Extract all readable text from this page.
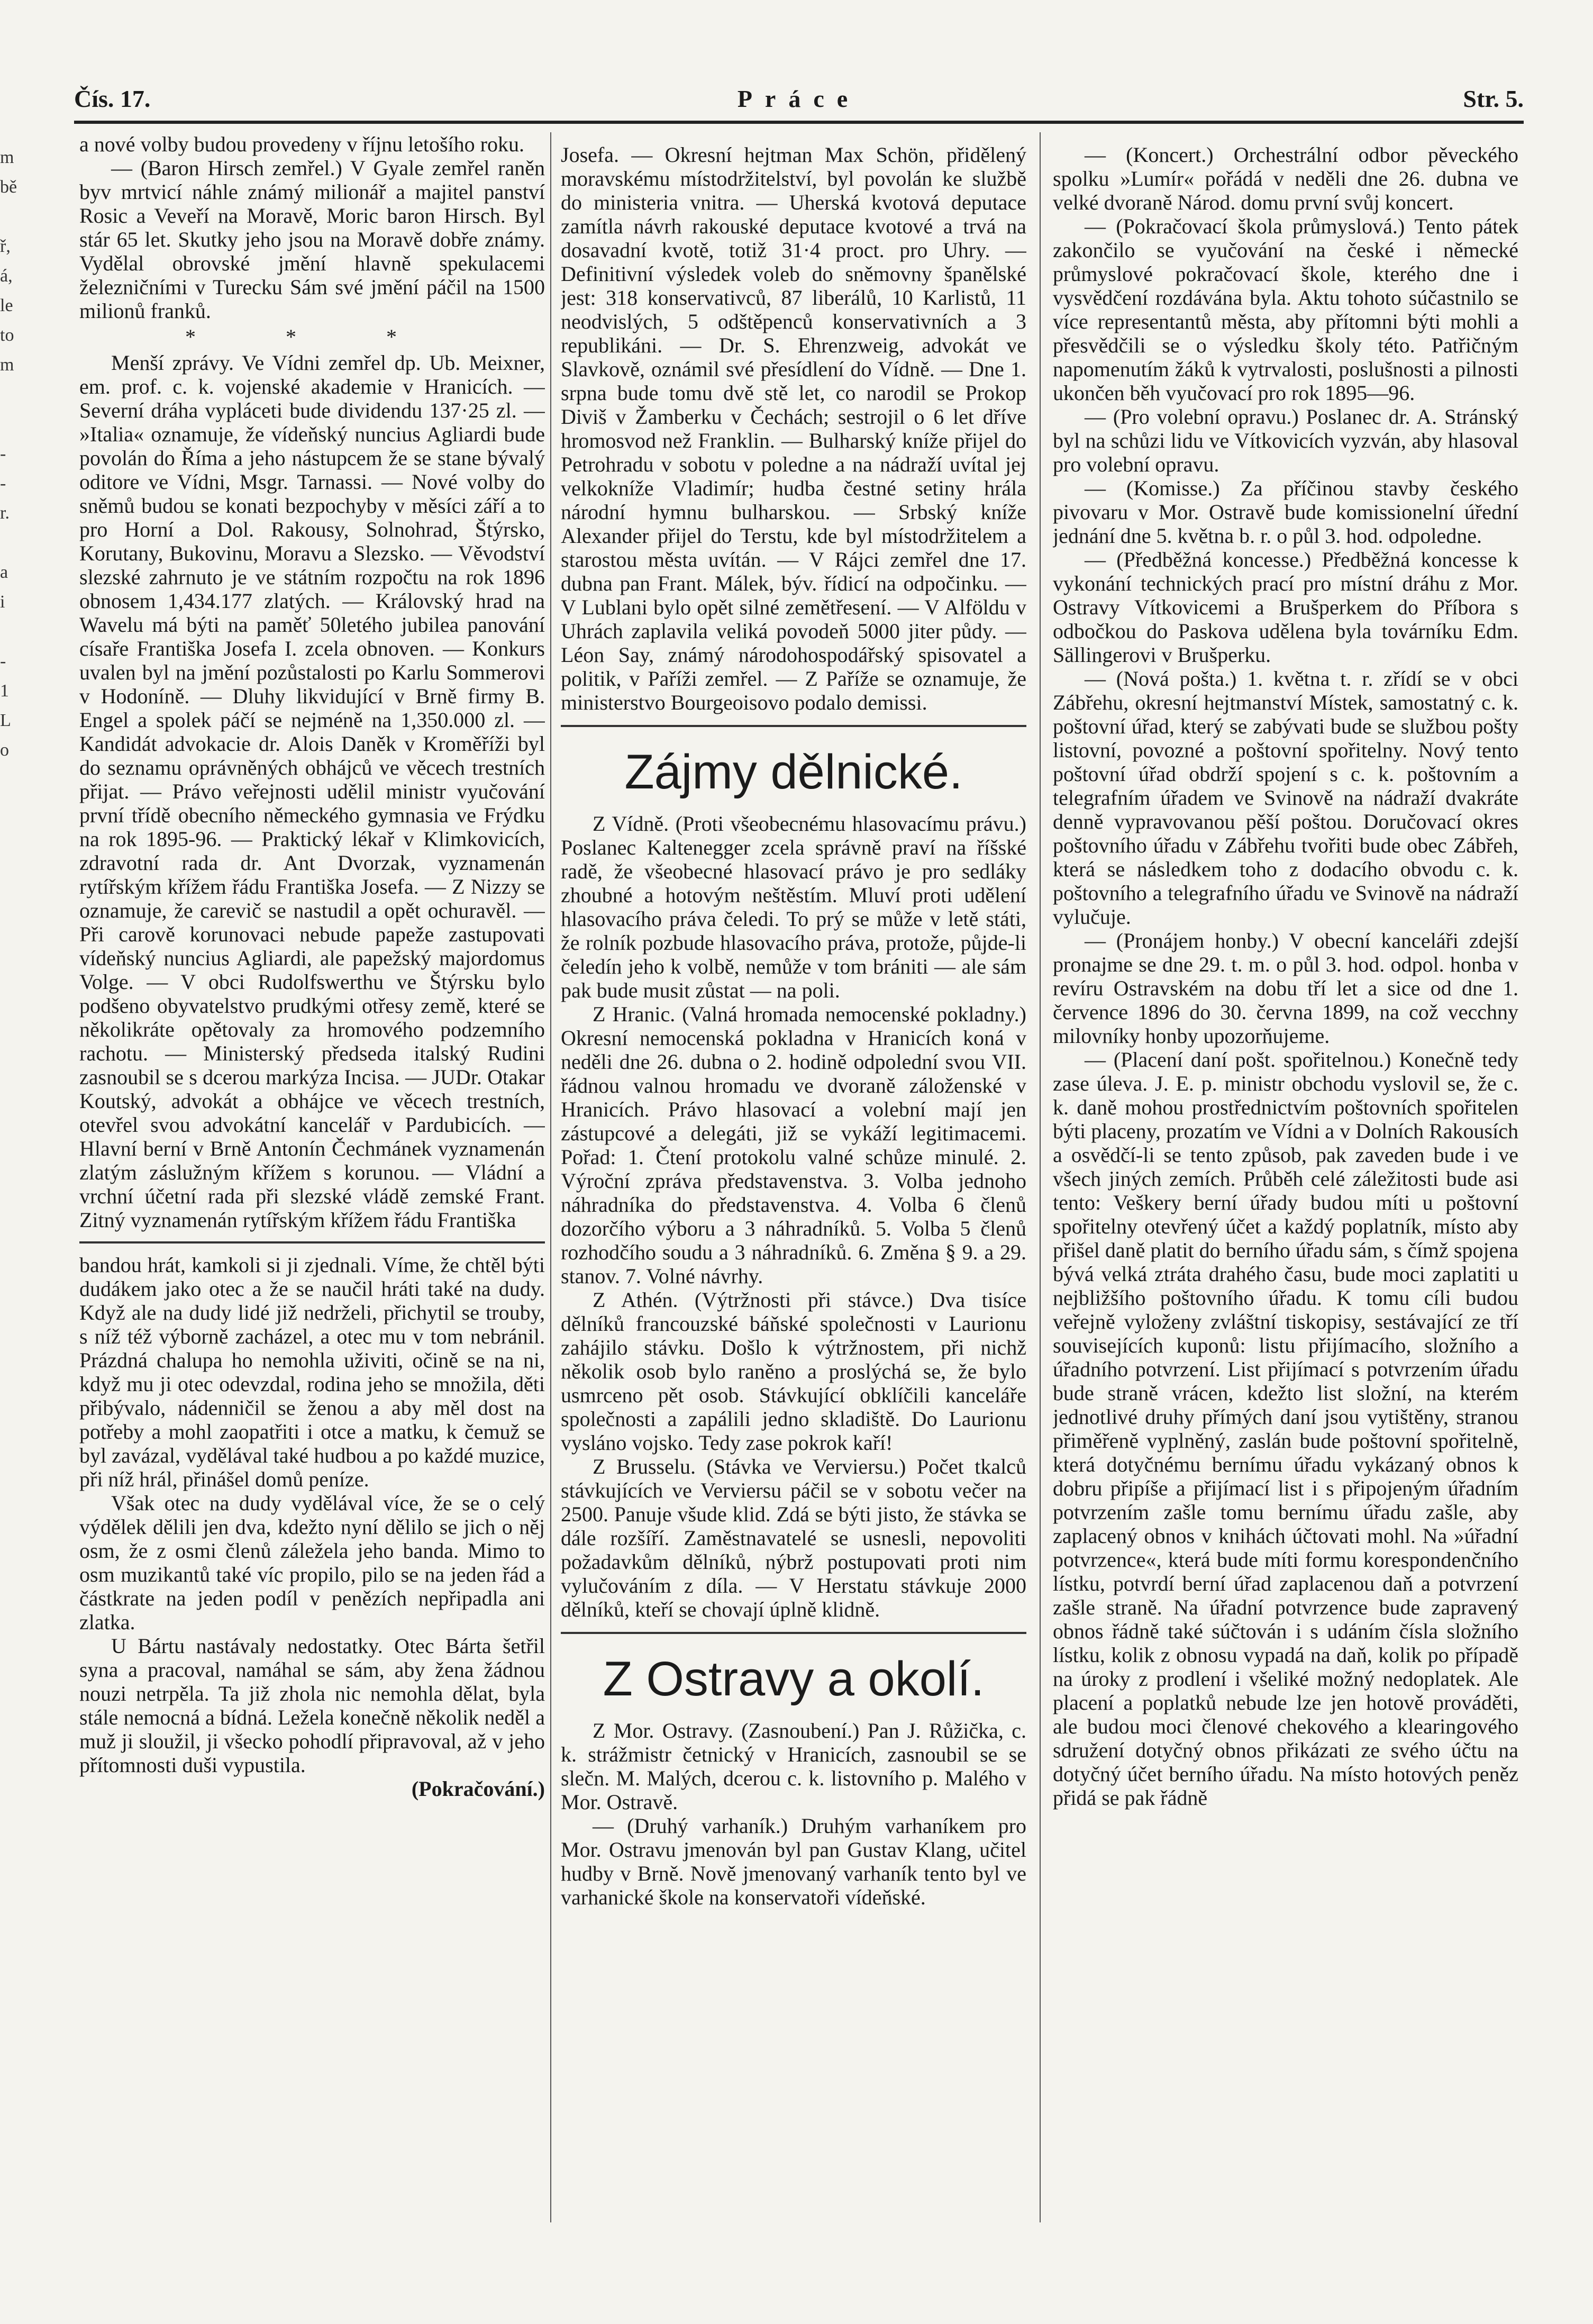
m
bě

ř,
á,
le
to
m

-
-
r.

a
i

-
1
L
o
Čís. 17.	Práce	Str. 5.

a nové volby budou provedeny v říjnu letošího roku.

— (Baron Hirsch zemřel.) V Gyale zemřel raněn byv mrtvicí náhle známý milionář a majitel panství Rosic a Veveří na Moravě, Moric baron Hirsch. Byl stár 65 let. Skutky jeho jsou na Moravě dobře známy. Vydělal obrovské jmění hlavně spekulacemi železničními v Turecku Sám své jmění páčil na 1500 milionů franků.

* * *

Menší zprávy. Ve Vídni zemřel dp. Ub. Meixner, em. prof. c. k. vojenské akademie v Hranicích. — Severní dráha vypláceti bude dividendu 137·25 zl. — »Italia« oznamuje, že vídeňský nuncius Agliardi bude povolán do Říma a jeho nástupcem že se stane bývalý oditore ve Vídni, Msgr. Tarnassi. — Nové volby do sněmů budou se konati bezpochyby v měsíci září a to pro Horní a Dol. Rakousy, Solnohrad, Štýrsko, Korutany, Bukovinu, Moravu a Slezsko. — Věvodství slezské zahrnuto je ve státním rozpočtu na rok 1896 obnosem 1,434.177 zlatých. — Královský hrad na Wavelu má býti na paměť 50letého jubilea panování císaře Františka Josefa I. zcela obnoven. — Konkurs uvalen byl na jmění pozůstalosti po Karlu Sommerovi v Hodoníně. — Dluhy likvidující v Brně firmy B. Engel a spolek páčí se nejméně na 1,350.000 zl. — Kandidát advokacie dr. Alois Daněk v Kroměříži byl do seznamu oprávněných obhájců ve věcech trestních přijat. — Právo veřejnosti udělil ministr vyučování první třídě obecního německého gymnasia ve Frýdku na rok 1895-96. — Praktický lékař v Klimkovicích, zdravotní rada dr. Ant Dvorzak, vyznamenán rytířským křížem řádu Františka Josefa. — Z Nizzy se oznamuje, že carevič se nastudil a opět ochuravěl. — Při carově korunovaci nebude papeže zastupovati vídeňský nuncius Agliardi, ale papežský majordomus Volge. — V obci Rudolfswerthu ve Štýrsku bylo podšeno obyvatelstvo prudkými otřesy země, které se několikráte opětovaly za hromového podzemního rachotu. — Ministerský předseda italský Rudini zasnoubil se s dcerou markýza Incisa. — JUDr. Otakar Koutský, advokát a obhájce ve věcech trestních, otevřel svou advokátní kancelář v Pardubicích. — Hlavní berní v Brně Antonín Čechmánek vyznamenán zlatým záslužným křížem s korunou. — Vládní a vrchní účetní rada při slezské vládě zemské Frant. Zitný vyznamenán rytířským křížem řádu Františka

bandou hrát, kamkoli si ji zjednali. Víme, že chtěl býti dudákem jako otec a že se naučil hráti také na dudy. Když ale na dudy lidé již nedrželi, přichytil se trouby, s níž též výborně zacházel, a otec mu v tom nebránil. Prázdná chalupa ho nemohla uživiti, očině se na ni, když mu ji otec odevzdal, rodina jeho se množila, děti přibývalo, nádenničil se ženou a aby měl dost na potřeby a mohl zaopatřiti i otce a matku, k čemuž se byl zavázal, vydělával také hudbou a po každé muzice, při níž hrál, přinášel domů peníze.

Však otec na dudy vydělával více, že se o celý výdělek dělili jen dva, kdežto nyní dělilo se jich o něj osm, že z osmi členů záležela jeho banda. Mimo to osm muzikantů také víc propilo, pilo se na jeden řád a částkrate na jeden podíl v penězích nepřipadla ani zlatka.

U Bártu nastávaly nedostatky. Otec Bárta šetřil syna a pracoval, namáhal se sám, aby žena žádnou nouzi netrpěla. Ta již zhola nic nemohla dělat, byla stále nemocná a bídná. Ležela konečně několik neděl a muž ji sloužil, ji všecko pohodlí připravoval, až v jeho přítomnosti duši vypustila.

(Pokračování.)

Josefa. — Okresní hejtman Max Schön, přidělený moravskému místodržitelství, byl povolán ke službě do ministeria vnitra. — Uherská kvotová deputace zamítla návrh rakouské deputace kvotové a trvá na dosavadní kvotě, totiž 31·4 proct. pro Uhry. — Definitivní výsledek voleb do sněmovny španělské jest: 318 konservativců, 87 liberálů, 10 Karlistů, 11 neodvislých, 5 odštěpenců konservativních a 3 republikáni. — Dr. S. Ehrenzweig, advokát ve Slavkově, oznámil své přesídlení do Vídně. — Dne 1. srpna bude tomu dvě stě let, co narodil se Prokop Diviš v Žamberku v Čechách; sestrojil o 6 let dříve hromosvod než Franklin. — Bulharský kníže přijel do Petrohradu v sobotu v poledne a na nádraží uvítal jej velkokníže Vladimír; hudba čestné setiny hrála národní hymnu bulharskou. — Srbský kníže Alexander přijel do Terstu, kde byl místodržitelem a starostou města uvítán. — V Rájci zemřel dne 17. dubna pan Frant. Málek, býv. řídicí na odpočinku. — V Lublani bylo opět silné zemětřesení. — V Alföldu v Uhrách zaplavila veliká povodeň 5000 jiter půdy. — Léon Say, známý národohospodářský spisovatel a politik, v Paříži zemřel. — Z Paříže se oznamuje, že ministerstvo Bourgeoisovo podalo demissi.

Zájmy dělnické.

Z Vídně. (Proti všeobecnému hlasovacímu právu.) Poslanec Kaltenegger zcela správně praví na říšské radě, že všeobecné hlasovací právo je pro sedláky zhoubné a hotovým neštěstím. Mluví proti udělení hlasovacího práva čeledi. To prý se může v letě státi, že rolník pozbude hlasovacího práva, protože, půjde-li čeledín jeho k volbě, nemůže v tom brániti — ale sám pak bude musit zůstat — na poli.

Z Hranic. (Valná hromada nemocenské pokladny.) Okresní nemocenská pokladna v Hranicích koná v neděli dne 26. dubna o 2. hodině odpolední svou VII. řádnou valnou hromadu ve dvoraně záloženské v Hranicích. Právo hlasovací a volební mají jen zástupcové a delegáti, již se vykáží legitimacemi. Pořad: 1. Čtení protokolu valné schůze minulé. 2. Výroční zpráva představenstva. 3. Volba jednoho náhradníka do představenstva. 4. Volba 6 členů dozorčího výboru a 3 náhradníků. 5. Volba 5 členů rozhodčího soudu a 3 náhradníků. 6. Změna § 9. a 29. stanov. 7. Volné návrhy.

Z Athén. (Výtržnosti při stávce.) Dva tisíce dělníků francouzské báňské společnosti v Laurionu zahájilo stávku. Došlo k výtržnostem, při nichž několik osob bylo raněno a proslýchá se, že bylo usmrceno pět osob. Stávkující obklíčili kanceláře společnosti a zapálili jedno skladiště. Do Laurionu vysláno vojsko. Tedy zase pokrok kaří!

Z Brusselu. (Stávka ve Verviersu.) Počet tkalců stávkujících ve Verviersu páčil se v sobotu večer na 2500. Panuje všude klid. Zdá se býti jisto, že stávka se dále rozšíří. Zaměstnavatelé se usnesli, nepovoliti požadavkům dělníků, nýbrž postupovati proti nim vylučováním z díla. — V Herstatu stávkuje 2000 dělníků, kteří se chovají úplně klidně.

Z Ostravy a okolí.

Z Mor. Ostravy. (Zasnoubení.) Pan J. Růžička, c. k. strážmistr četnický v Hranicích, zasnoubil se se slečn. M. Malých, dcerou c. k. listovního p. Malého v Mor. Ostravě.

— (Druhý varhaník.) Druhým varhaníkem pro Mor. Ostravu jmenován byl pan Gustav Klang, učitel hudby v Brně. Nově jmenovaný varhaník tento byl ve varhanické škole na konservatoři vídeňské.

— (Koncert.) Orchestrální odbor pěveckého spolku »Lumír« pořádá v neděli dne 26. dubna ve velké dvoraně Národ. domu první svůj koncert.

— (Pokračovací škola průmyslová.) Tento pátek zakončilo se vyučování na české i německé průmyslové pokračovací škole, kterého dne i vysvědčení rozdávána byla. Aktu tohoto súčastnilo se více representantů města, aby přítomni býti mohli a přesvědčili se o výsledku školy této. Patřičným napomenutím žáků k vytrvalosti, poslušnosti a pilnosti ukončen běh vyučovací pro rok 1895—96.

— (Pro volební opravu.) Poslanec dr. A. Stránský byl na schůzi lidu ve Vítkovicích vyzván, aby hlasoval pro volební opravu.

— (Komisse.) Za příčinou stavby českého pivovaru v Mor. Ostravě bude komissionelní úřední jednání dne 5. května b. r. o půl 3. hod. odpoledne.

— (Předběžná koncesse.) Předběžná koncesse k vykonání technických prací pro místní dráhu z Mor. Ostravy Vítkovicemi a Brušperkem do Příbora s odbočkou do Paskova udělena byla továrníku Edm. Sällingerovi v Brušperku.

— (Nová pošta.) 1. května t. r. zřídí se v obci Zábřehu, okresní hejtmanství Místek, samostatný c. k. poštovní úřad, který se zabývati bude se službou pošty listovní, povozné a poštovní spořitelny. Nový tento poštovní úřad obdrží spojení s c. k. poštovním a telegrafním úřadem ve Svinově na nádraží dvakráte denně vypravovanou pěší poštou. Doručovací okres poštovního úřadu v Zábřehu tvořiti bude obec Zábřeh, která se následkem toho z dodacího obvodu c. k. poštovního a telegrafního úřadu ve Svinově na nádraží vylučuje.

— (Pronájem honby.) V obecní kanceláři zdejší pronajme se dne 29. t. m. o půl 3. hod. odpol. honba v revíru Ostravském na dobu tří let a sice od dne 1. července 1896 do 30. června 1899, na což vecchny milovníky honby upozorňujeme.

— (Placení daní pošt. spořitelnou.) Konečně tedy zase úleva. J. E. p. ministr obchodu vyslovil se, že c. k. daně mohou prostřednictvím poštovních spořitelen býti placeny, prozatím ve Vídni a v Dolních Rakousích a osvědčí-li se tento způsob, pak zaveden bude i ve všech jiných zemích. Průběh celé záležitosti bude asi tento: Veškery berní úřady budou míti u poštovní spořitelny otevřený účet a každý poplatník, místo aby přišel daně platit do berního úřadu sám, s čímž spojena bývá velká ztráta drahého času, bude moci zaplatiti u nejbližšího poštovního úřadu. K tomu cíli budou veřejně vyloženy zvláštní tiskopisy, sestávající ze tří souvisejících kuponů: listu přijímacího, složního a úřadního potvrzení. List přijímací s potvrzením úřadu bude straně vrácen, kdežto list složní, na kterém jednotlivé druhy přímých daní jsou vytištěny, stranou přiměřeně vyplněný, zaslán bude poštovní spořitelně, která dotyčnému bernímu úřadu vykázaný obnos k dobru připíše a přijímací list i s připojeným úřadním potvrzením zašle tomu bernímu úřadu zašle, aby zaplacený obnos v knihách účtovati mohl. Na »úřadní potvrzence«, která bude míti formu korespondenčního lístku, potvrdí berní úřad zaplacenou daň a potvrzení zašle straně. Na úřadní potvrzence bude zapravený obnos řádně také súčtován i s udáním čísla složního lístku, kolik z obnosu vypadá na daň, kolik po případě na úroky z prodlení i všeliké možný nedoplatek. Ale placení a poplatků nebude lze jen hotově prováděti, ale budou moci členové chekového a klearingového sdružení dotyčný obnos přikázati ze svého účtu na dotyčný účet berního úřadu. Na místo hotových peněz přidá se pak řádně
